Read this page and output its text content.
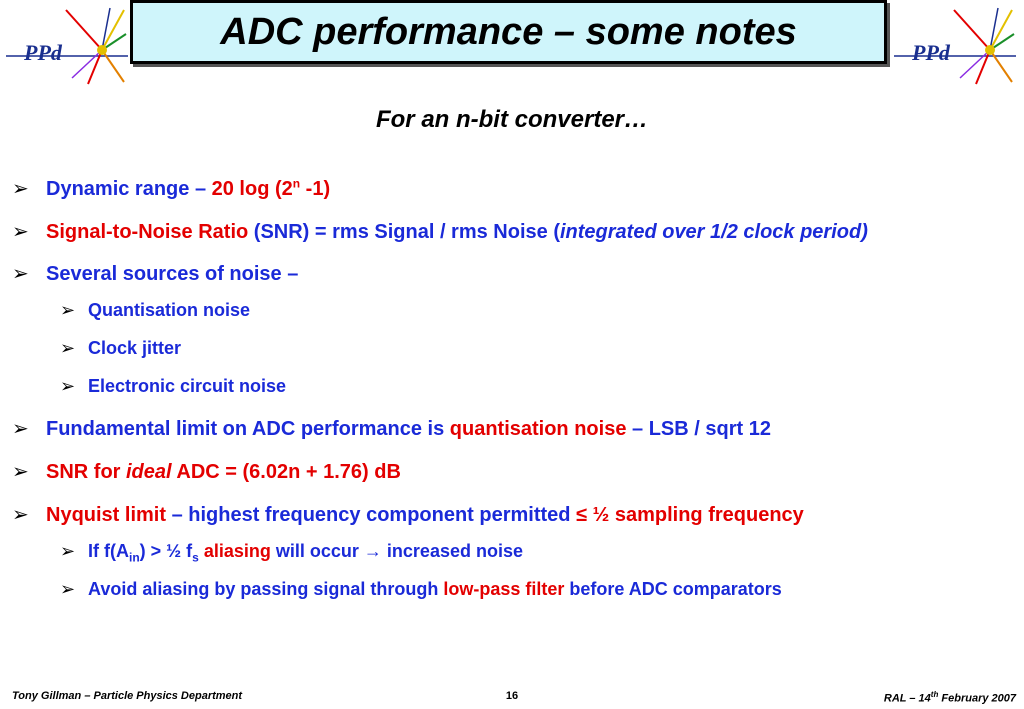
PPd	ADC performance – some notes	PPd
For an n-bit converter…
➢ Dynamic range – 20 log (2$^n$ -1)
➢ Signal-to-Noise Ratio (SNR) = rms Signal / rms Noise (integrated over 1/2 clock period)
➢ Several sources of noise –
➢ Quantisation noise
➢ Clock jitter
➢ Electronic circuit noise
➢ Fundamental limit on ADC performance is quantisation noise – LSB / sqrt 12
➢ SNR for ideal ADC = (6.02n + 1.76) dB
➢ Nyquist limit – highest frequency component permitted ≤ ½ sampling frequency
➢ If $f(A_{in})$ > ½ $f_s$ aliasing will occur → increased noise
➢ Avoid aliasing by passing signal through low-pass filter before ADC comparators
Tony Gillman – Particle Physics Department	16	RAL – 14th February 2007
